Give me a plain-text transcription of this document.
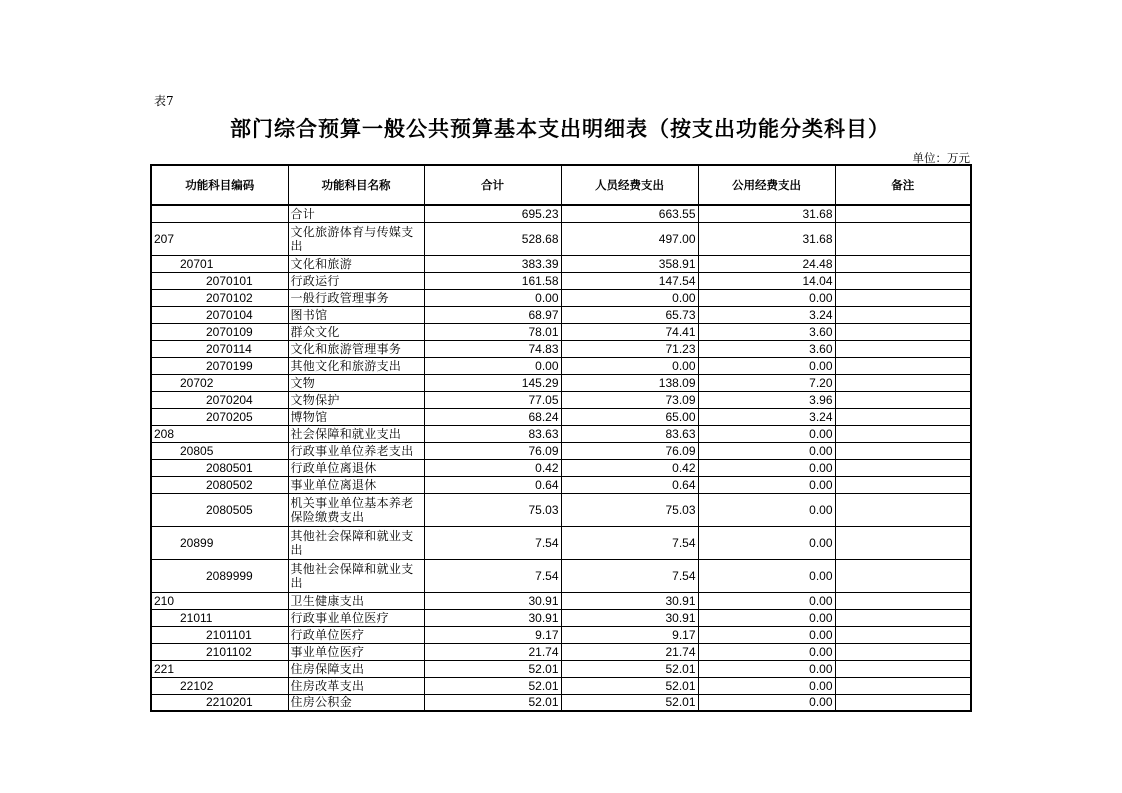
表7
部门综合预算一般公共预算基本支出明细表（按支出功能分类科目）
单位：万元
功能科目编码	功能科目名称	合计	人员经费支出	公用经费支出	备注
	合计	695.23	663.55	31.68	
207	文化旅游体育与传媒支出	528.68	497.00	31.68	
20701	文化和旅游	383.39	358.91	24.48	
2070101	行政运行	161.58	147.54	14.04	
2070102	一般行政管理事务	0.00	0.00	0.00	
2070104	图书馆	68.97	65.73	3.24	
2070109	群众文化	78.01	74.41	3.60	
2070114	文化和旅游管理事务	74.83	71.23	3.60	
2070199	其他文化和旅游支出	0.00	0.00	0.00	
20702	文物	145.29	138.09	7.20	
2070204	文物保护	77.05	73.09	3.96	
2070205	博物馆	68.24	65.00	3.24	
208	社会保障和就业支出	83.63	83.63	0.00	
20805	行政事业单位养老支出	76.09	76.09	0.00	
2080501	行政单位离退休	0.42	0.42	0.00	
2080502	事业单位离退休	0.64	0.64	0.00	
2080505	机关事业单位基本养老保险缴费支出	75.03	75.03	0.00	
20899	其他社会保障和就业支出	7.54	7.54	0.00	
2089999	其他社会保障和就业支出	7.54	7.54	0.00	
210	卫生健康支出	30.91	30.91	0.00	
21011	行政事业单位医疗	30.91	30.91	0.00	
2101101	行政单位医疗	9.17	9.17	0.00	
2101102	事业单位医疗	21.74	21.74	0.00	
221	住房保障支出	52.01	52.01	0.00	
22102	住房改革支出	52.01	52.01	0.00	
2210201	住房公积金	52.01	52.01	0.00	
